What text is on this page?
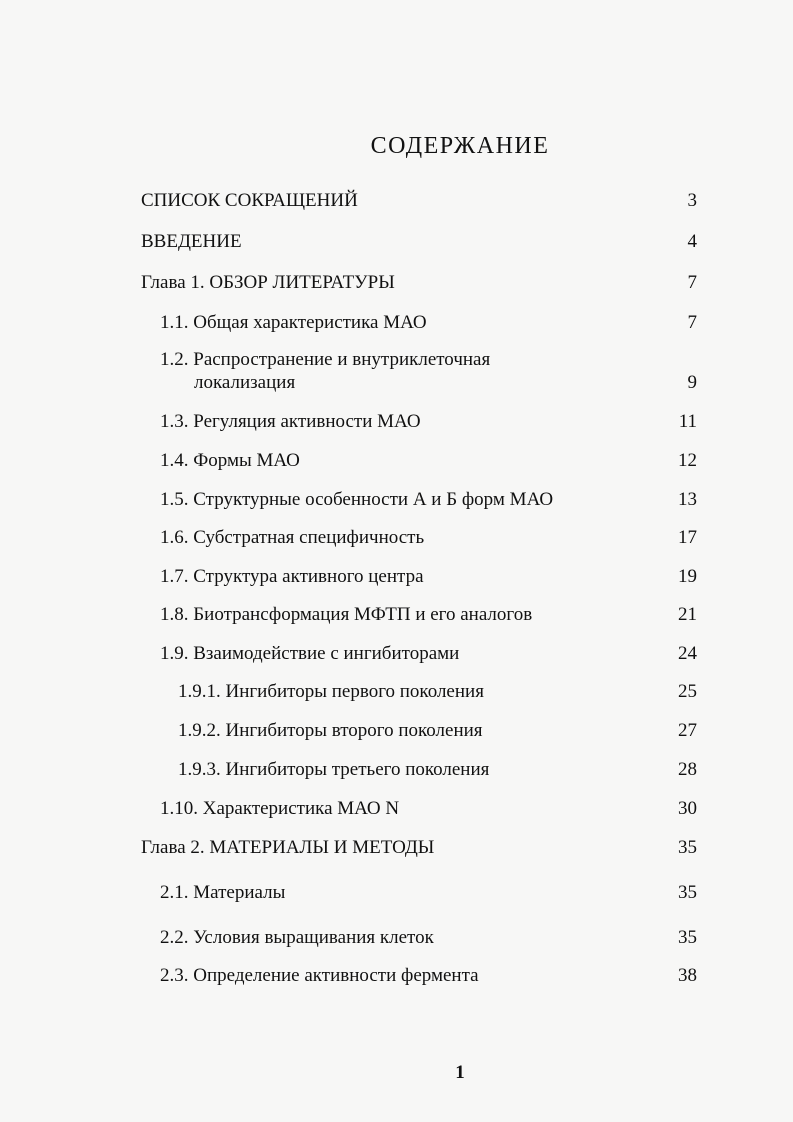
СОДЕРЖАНИЕ
СПИСОК СОКРАЩЕНИЙ	3
ВВЕДЕНИЕ	4
Глава 1. ОБЗОР ЛИТЕРАТУРЫ	7
1.1. Общая характеристика МАО	7
1.2. Распространение и внутриклеточная
локализация	9
1.3. Регуляция активности МАО	11
1.4. Формы МАО	12
1.5. Структурные особенности А и Б форм МАО	13
1.6. Субстратная специфичность	17
1.7. Структура активного центра	19
1.8. Биотрансформация МФТП и его аналогов	21
1.9. Взаимодействие с ингибиторами	24
1.9.1. Ингибиторы первого поколения	25
1.9.2. Ингибиторы второго поколения	27
1.9.3. Ингибиторы третьего поколения	28
1.10. Характеристика МАО N	30
Глава 2. МАТЕРИАЛЫ И МЕТОДЫ	35
2.1. Материалы	35
2.2. Условия выращивания клеток	35
2.3. Определение активности фермента	38
1
